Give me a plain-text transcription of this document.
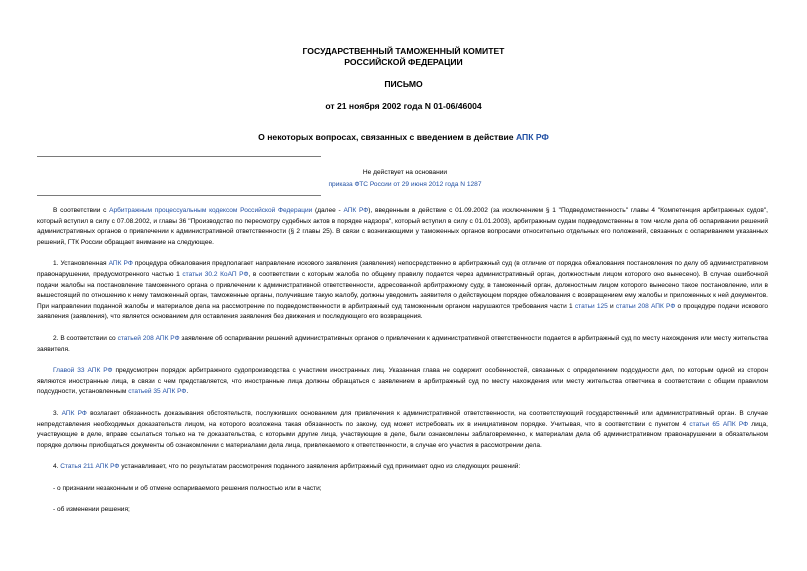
ГОСУДАРСТВЕННЫЙ ТАМОЖЕННЫЙ КОМИТЕТ
РОССИЙСКОЙ ФЕДЕРАЦИИ
ПИСЬМО
от 21 ноября 2002 года N 01-06/46004
О некоторых вопросах, связанных с введением в действие АПК РФ
Не действует на основании
приказа ФТС России от 29 июня 2012 года N 1287

В соответствии с Арбитражным процессуальным кодексом Российской Федерации (далее - АПК РФ), введенным в действие с 01.09.2002 (за исключением § 1 "Подведомственность" главы 4 "Компетенция арбитражных судов", который вступил в силу с 07.08.2002, и главы 36 "Производство по пересмотру судебных актов в порядке надзора", который вступил в силу с 01.01.2003), арбитражным судам подведомственны в том числе дела об оспаривании решений административных органов о привлечении к административной ответственности (§ 2 главы 25). В связи с возникающими у таможенных органов вопросами относительно отдельных его положений, связанных с оспариванием указанных решений, ГТК России обращает внимание на следующее.

1. Установленная АПК РФ процедура обжалования предполагает направление искового заявления (заявления) непосредственно в арбитражный суд (в отличие от порядка обжалования постановления по делу об административном правонарушении, предусмотренного частью 1 статьи 30.2 КоАП РФ, в соответствии с которым жалоба по общему правилу подается через административный орган, должностным лицом которого оно вынесено). В случае ошибочной подачи жалобы на постановление таможенного органа о привлечении к административной ответственности, адресованной арбитражному суду, в таможенный орган, должностным лицом которого вынесено такое постановление, или в вышестоящий по отношению к нему таможенный орган, таможенные органы, получившие такую жалобу, должны уведомить заявителя о действующем порядке обжалования с возвращением ему жалобы и приложенных к ней документов. При направлении поданной жалобы и материалов дела на рассмотрение по подведомственности в арбитражный суд таможенным органом нарушаются требования части 1 статьи 125 и статьи 208 АПК РФ о процедуре подачи искового заявления (заявления), что является основанием для оставления заявления без движения и последующего его возвращения.

2. В соответствии со статьей 208 АПК РФ заявление об оспаривании решений административных органов о привлечении к административной ответственности подается в арбитражный суд по месту нахождения или месту жительства заявителя.

Главой 33 АПК РФ предусмотрен порядок арбитражного судопроизводства с участием иностранных лиц. Указанная глава не содержит особенностей, связанных с определением подсудности дел, по которым одной из сторон являются иностранные лица, в связи с чем представляется, что иностранные лица должны обращаться с заявлением в арбитражный суд по месту нахождения или месту жительства ответчика в соответствии с общим правилом подсудности, установленным статьей 35 АПК РФ.

3. АПК РФ возлагает обязанность доказывания обстоятельств, послуживших основанием для привлечения к административной ответственности, на соответствующий государственный или административный орган. В случае непредставления необходимых доказательств лицом, на которого возложена такая обязанность по закону, суд может истребовать их в инициативном порядке. Учитывая, что в соответствии с пунктом 4 статьи 65 АПК РФ лица, участвующие в деле, вправе ссылаться только на те доказательства, с которыми другие лица, участвующие в деле, были ознакомлены заблаговременно, к материалам дела об административном правонарушении в обязательном порядке должны приобщаться документы об ознакомлении с материалами дела лица, привлекаемого к ответственности, в случае его участия в рассмотрении дела.

4. Статья 211 АПК РФ устанавливает, что по результатам рассмотрения поданного заявления арбитражный суд принимает одно из следующих решений:

- о признании незаконным и об отмене оспариваемого решения полностью или в части;

- об изменении решения;
